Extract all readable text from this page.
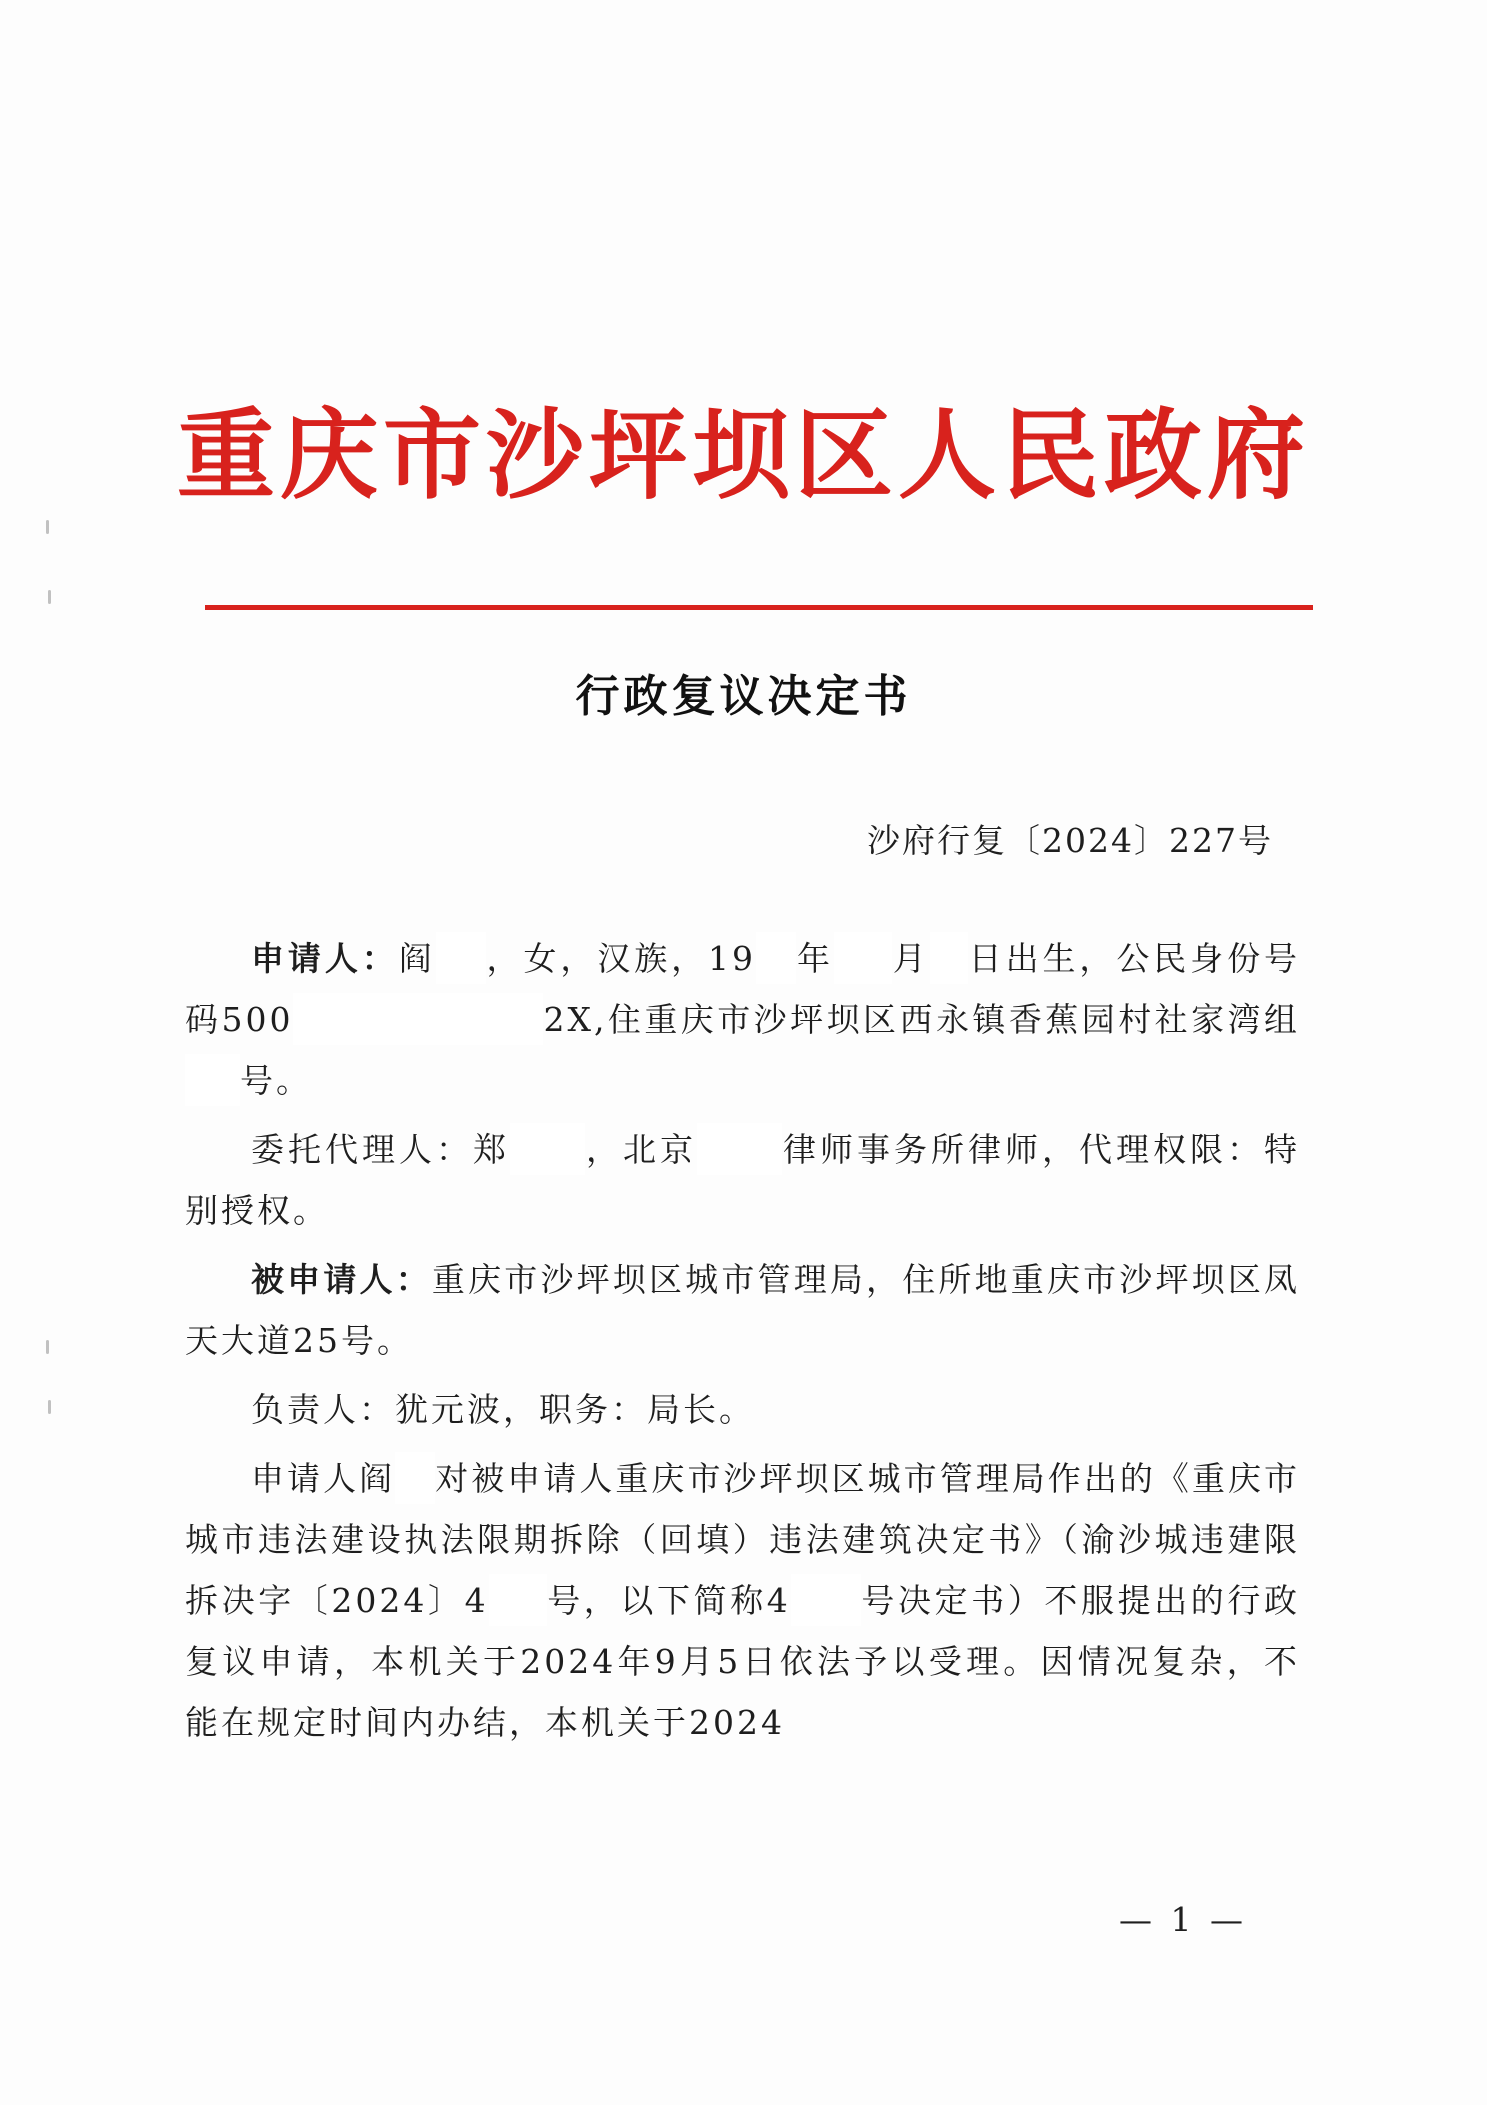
重庆市沙坪坝区人民政府
行政复议决定书
沙府行复〔2024〕227号

申请人：阎 ，女，汉族，19 年 月 日出生，公民身份号码500	2X,住重庆市沙坪坝区西永镇香蕉园村社家湾组号。

委托代理人：郑 ，北京	律师事务所律师，代理权限：特别授权。

被申请人：重庆市沙坪坝区城市管理局，住所地重庆市沙坪坝区凤天大道25号。

负责人：犹元波，职务：局长。

申请人阎 对被申请人重庆市沙坪坝区城市管理局作出的《重庆市城市违法建设执法限期拆除（回填）违法建筑决定书》（渝沙城违建限拆决字〔2024〕4 号，以下简称4 号决定书）不服提出的行政复议申请，本机关于2024年9月5日依法予以受理。因情况复杂，不能在规定时间内办结，本机关于2024

— 1 —
